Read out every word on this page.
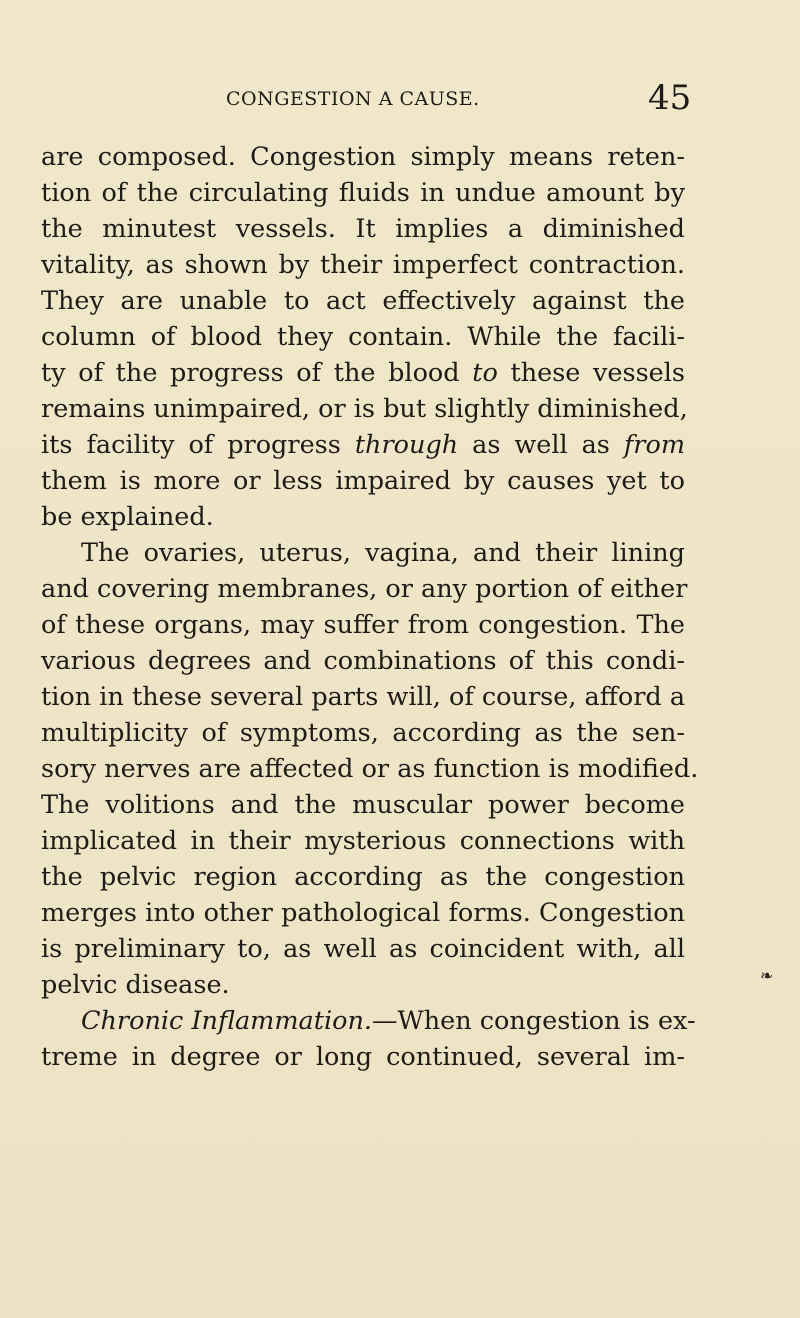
CONGESTION A CAUSE.	45
are composed. Congestion simply means reten-
tion of the circulating fluids in undue amount by
the minutest vessels. It implies a diminished
vitality, as shown by their imperfect contraction.
They are unable to act effectively against the
column of blood they contain. While the facili-
ty of the progress of the blood to these vessels
remains unimpaired, or is but slightly diminished,
its facility of progress through as well as from
them is more or less impaired by causes yet to
be explained.
The ovaries, uterus, vagina, and their lining
and covering membranes, or any portion of either
of these organs, may suffer from congestion. The
various degrees and combinations of this condi-
tion in these several parts will, of course, afford a
multiplicity of symptoms, according as the sen-
sory nerves are affected or as function is modified.
The volitions and the muscular power become
implicated in their mysterious connections with
the pelvic region according as the congestion
merges into other pathological forms. Congestion
is preliminary to, as well as coincident with, all
pelvic disease.
Chronic Inflammation.—When congestion is ex-
treme in degree or long continued, several im-
❧
